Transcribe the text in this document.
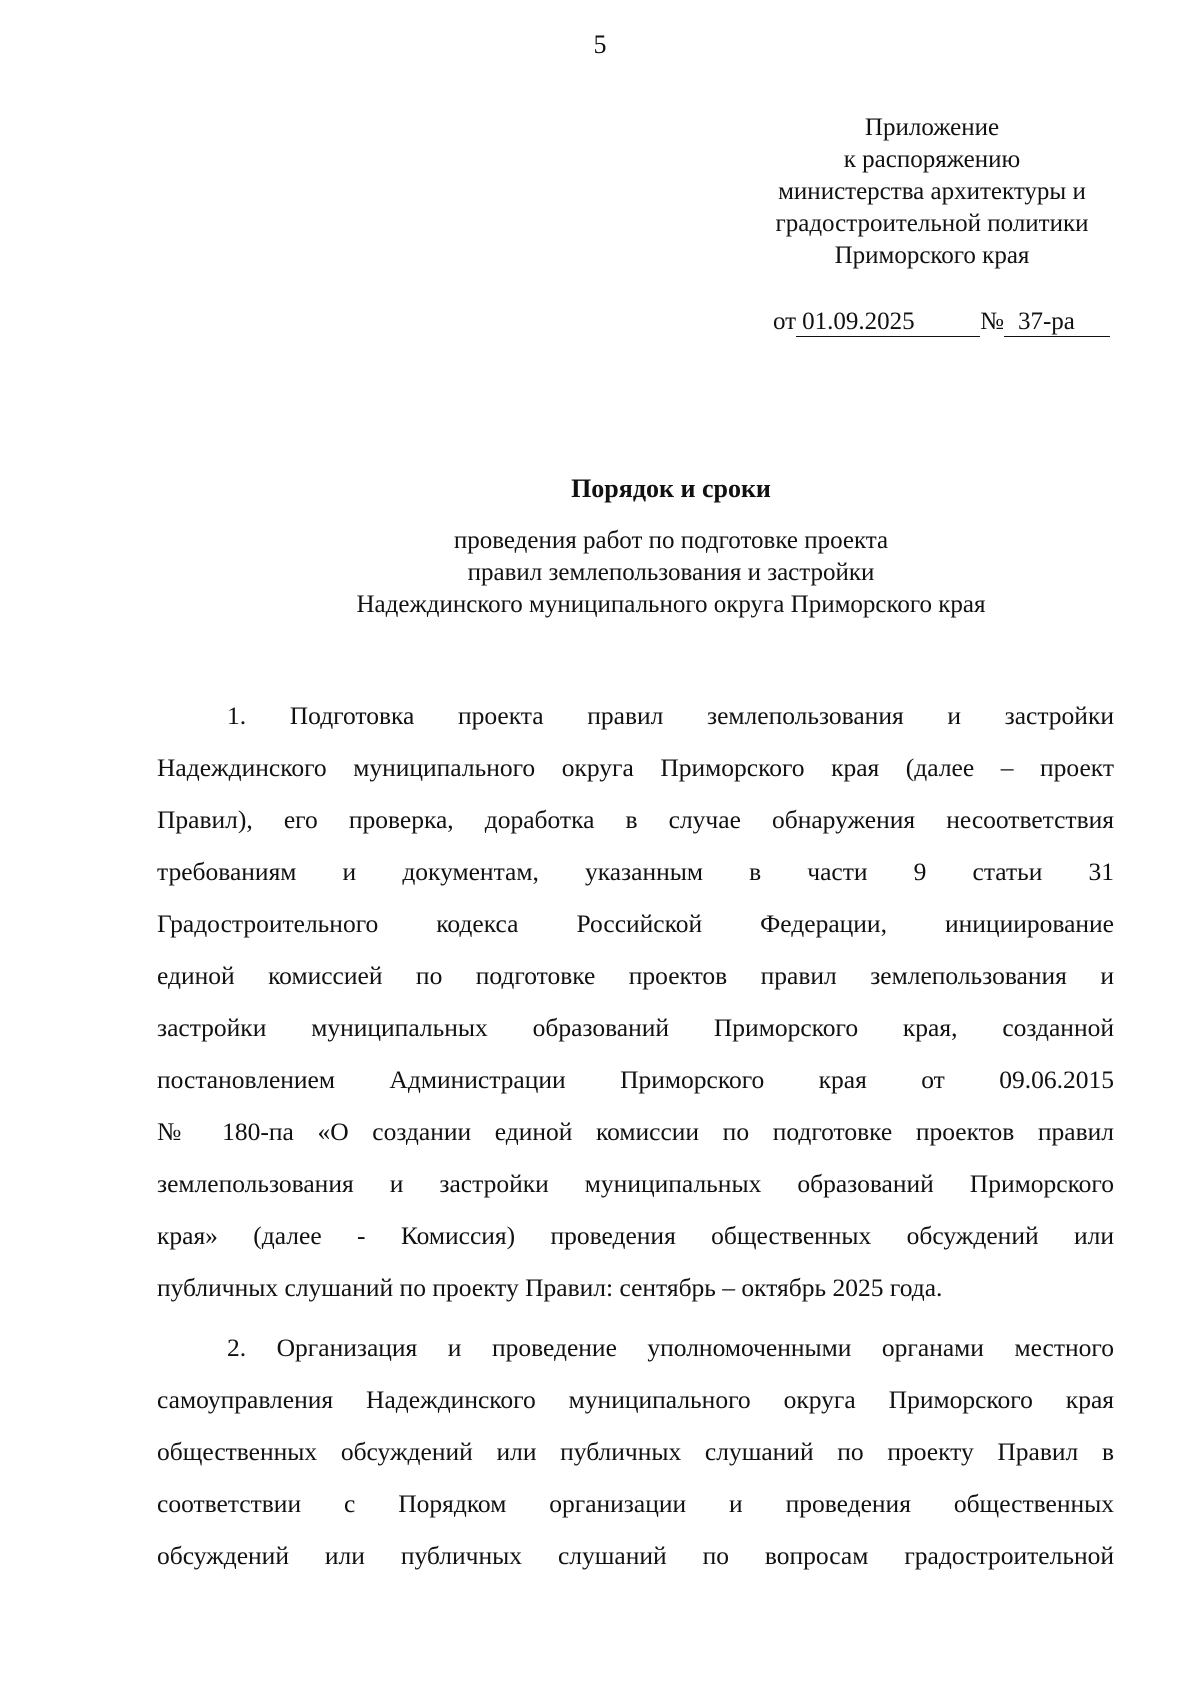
5
Приложение
к распоряжению
министерства архитектуры и
градостроительной политики
Приморского края
от 01.09.2025	№ 37-ра
Порядок и сроки
проведения работ по подготовке проекта
правил землепользования и застройки
Надеждинского муниципального округа Приморского края
1. Подготовка проекта правил землепользования и застройки
Надеждинского муниципального округа Приморского края (далее – проект
Правил), его проверка, доработка в случае обнаружения несоответствия
требованиям и документам, указанным в части 9 статьи 31
Градостроительного кодекса Российской Федерации, инициирование
единой комиссией по подготовке проектов правил землепользования и
застройки муниципальных образований Приморского края, созданной
постановлением Администрации Приморского края от 09.06.2015
№ 180-па «О создании единой комиссии по подготовке проектов правил
землепользования и застройки муниципальных образований Приморского
края» (далее - Комиссия) проведения общественных обсуждений или
публичных слушаний по проекту Правил: сентябрь – октябрь 2025 года.
2. Организация и проведение уполномоченными органами местного
самоуправления Надеждинского муниципального округа Приморского края
общественных обсуждений или публичных слушаний по проекту Правил в
соответствии с Порядком организации и проведения общественных
обсуждений или публичных слушаний по вопросам градостроительной
